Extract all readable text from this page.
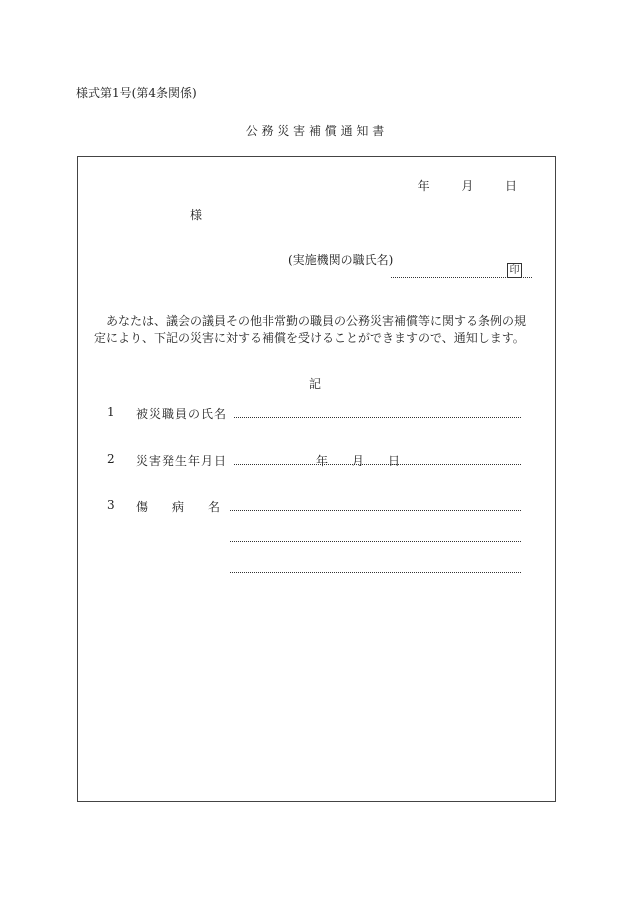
様式第1号(第4条関係)
公 務 災 害 補 償 通 知 書
年	月	日
様
(実施機関の職氏名)
印

あなたは、議会の議員その他非常勤の職員の公務災害補償等に関する条例の規

定により、下記の災害に対する補償を受けることができますので、通知します。

記
1 被災職員の氏名
2 災害発生年月日	年 月 日
3 傷　　病　　名
